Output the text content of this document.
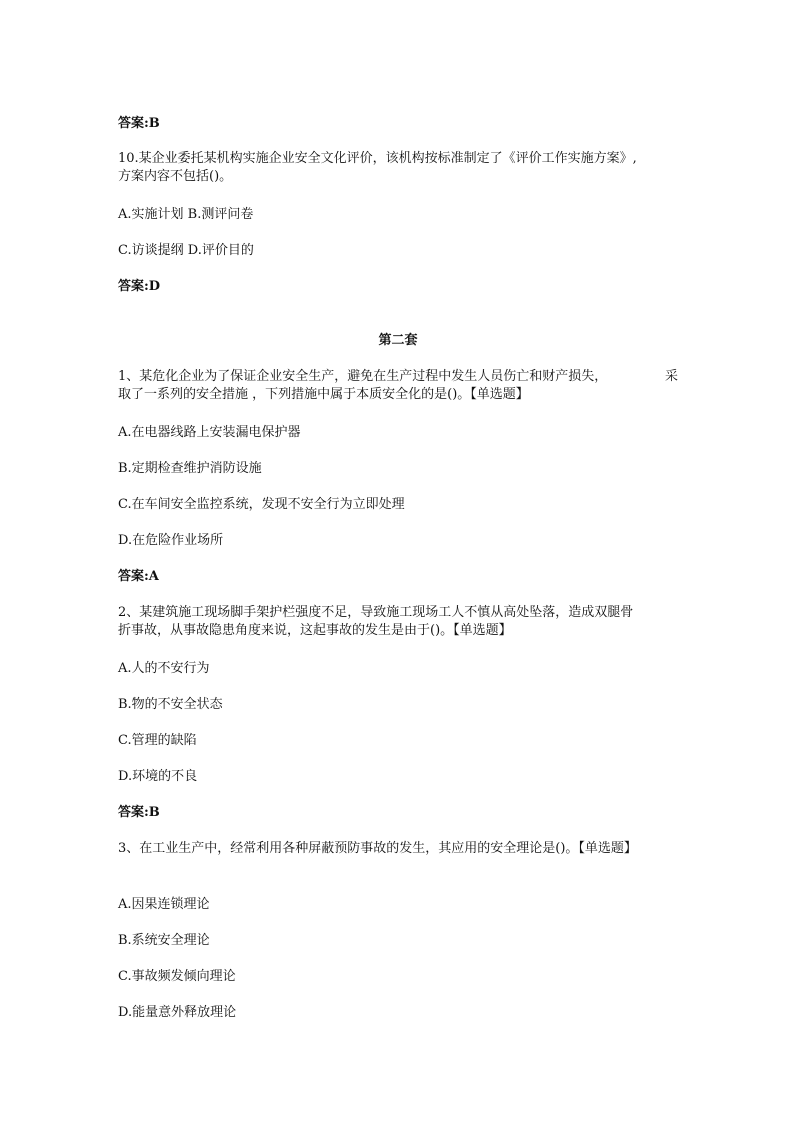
答案:B
10.某企业委托某机构实施企业安全文化评价，该机构按标准制定了《评价工作实施方案》,
方案内容不包括()。
A.实施计划 B.测评问卷
C.访谈提纲 D.评价目的
答案:D
第二套
1、某危化企业为了保证企业安全生产，避免在生产过程中发生人员伤亡和财产损失，	采
取了一系列的安全措施 ，下列措施中属于本质安全化的是()。【单选题】
A.在电器线路上安装漏电保护器
B.定期检查维护消防设施
C.在车间安全监控系统，发现不安全行为立即处理
D.在危险作业场所
答案:A
2、某建筑施工现场脚手架护栏强度不足，导致施工现场工人不慎从高处坠落，造成双腿骨
折事故，从事故隐患角度来说，这起事故的发生是由于()。【单选题】
A.人的不安行为
B.物的不安全状态
C.管理的缺陷
D.环境的不良
答案:B
3、在工业生产中，经常利用各种屏蔽预防事故的发生，其应用的安全理论是()。【单选题】
A.因果连锁理论
B.系统安全理论
C.事故频发倾向理论
D.能量意外释放理论
